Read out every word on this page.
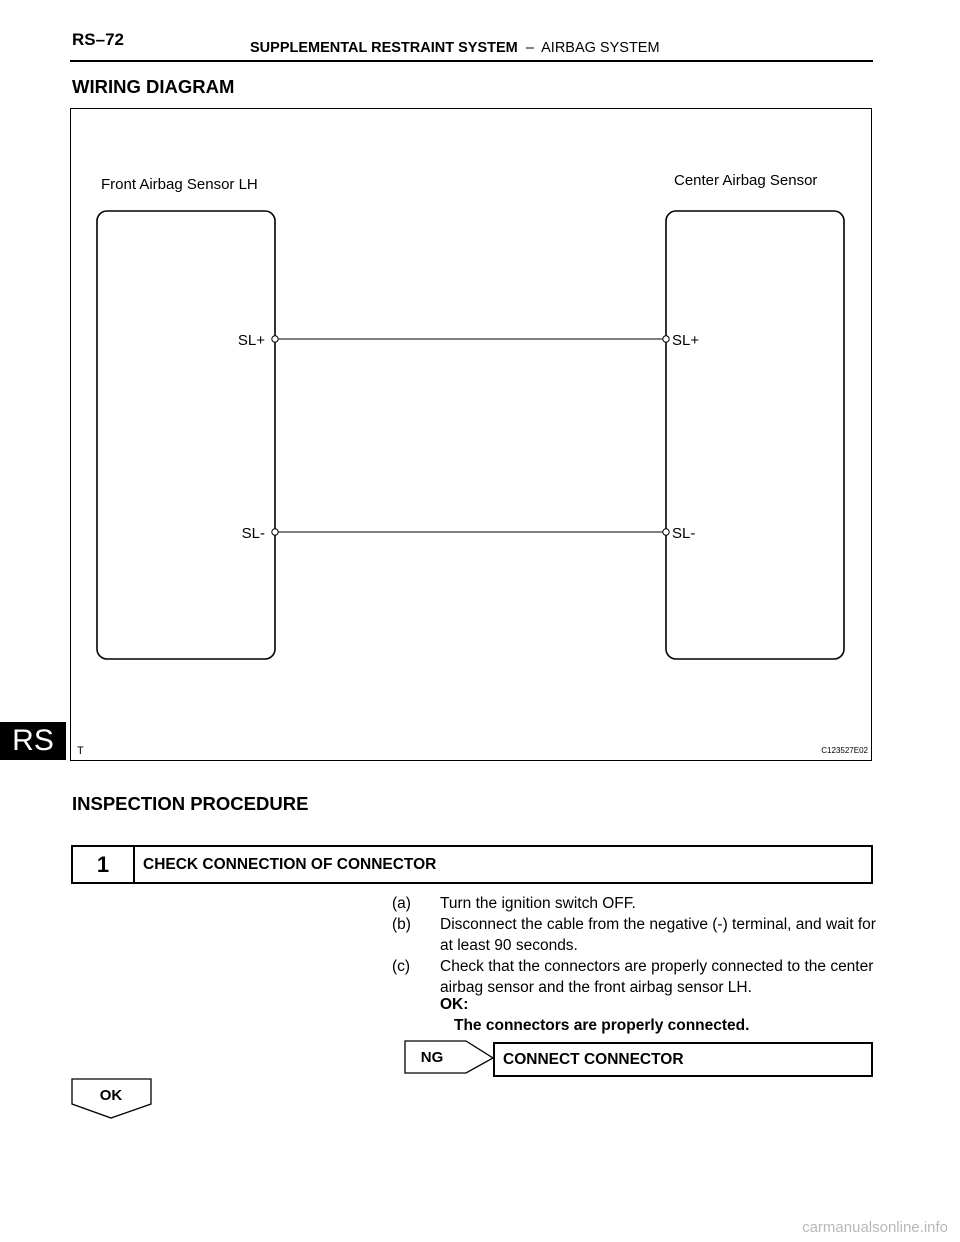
RS–72	SUPPLEMENTAL RESTRAINT SYSTEM  –  AIRBAG SYSTEM
RS
WIRING DIAGRAM
Front Airbag Sensor LH	Center Airbag Sensor
SL+
SL-
SL+
SL-
T	C123527E02
INSPECTION PROCEDURE
1	CHECK CONNECTION OF CONNECTOR
(a) Turn the ignition switch OFF.
(b) Disconnect the cable from the negative (-) terminal, and wait for at least 90 seconds.
(c) Check that the connectors are properly connected to the center airbag sensor and the front airbag sensor LH.
OK:
The connectors are properly connected.
NG	CONNECT CONNECTOR
OK
carmanualsonline.info
